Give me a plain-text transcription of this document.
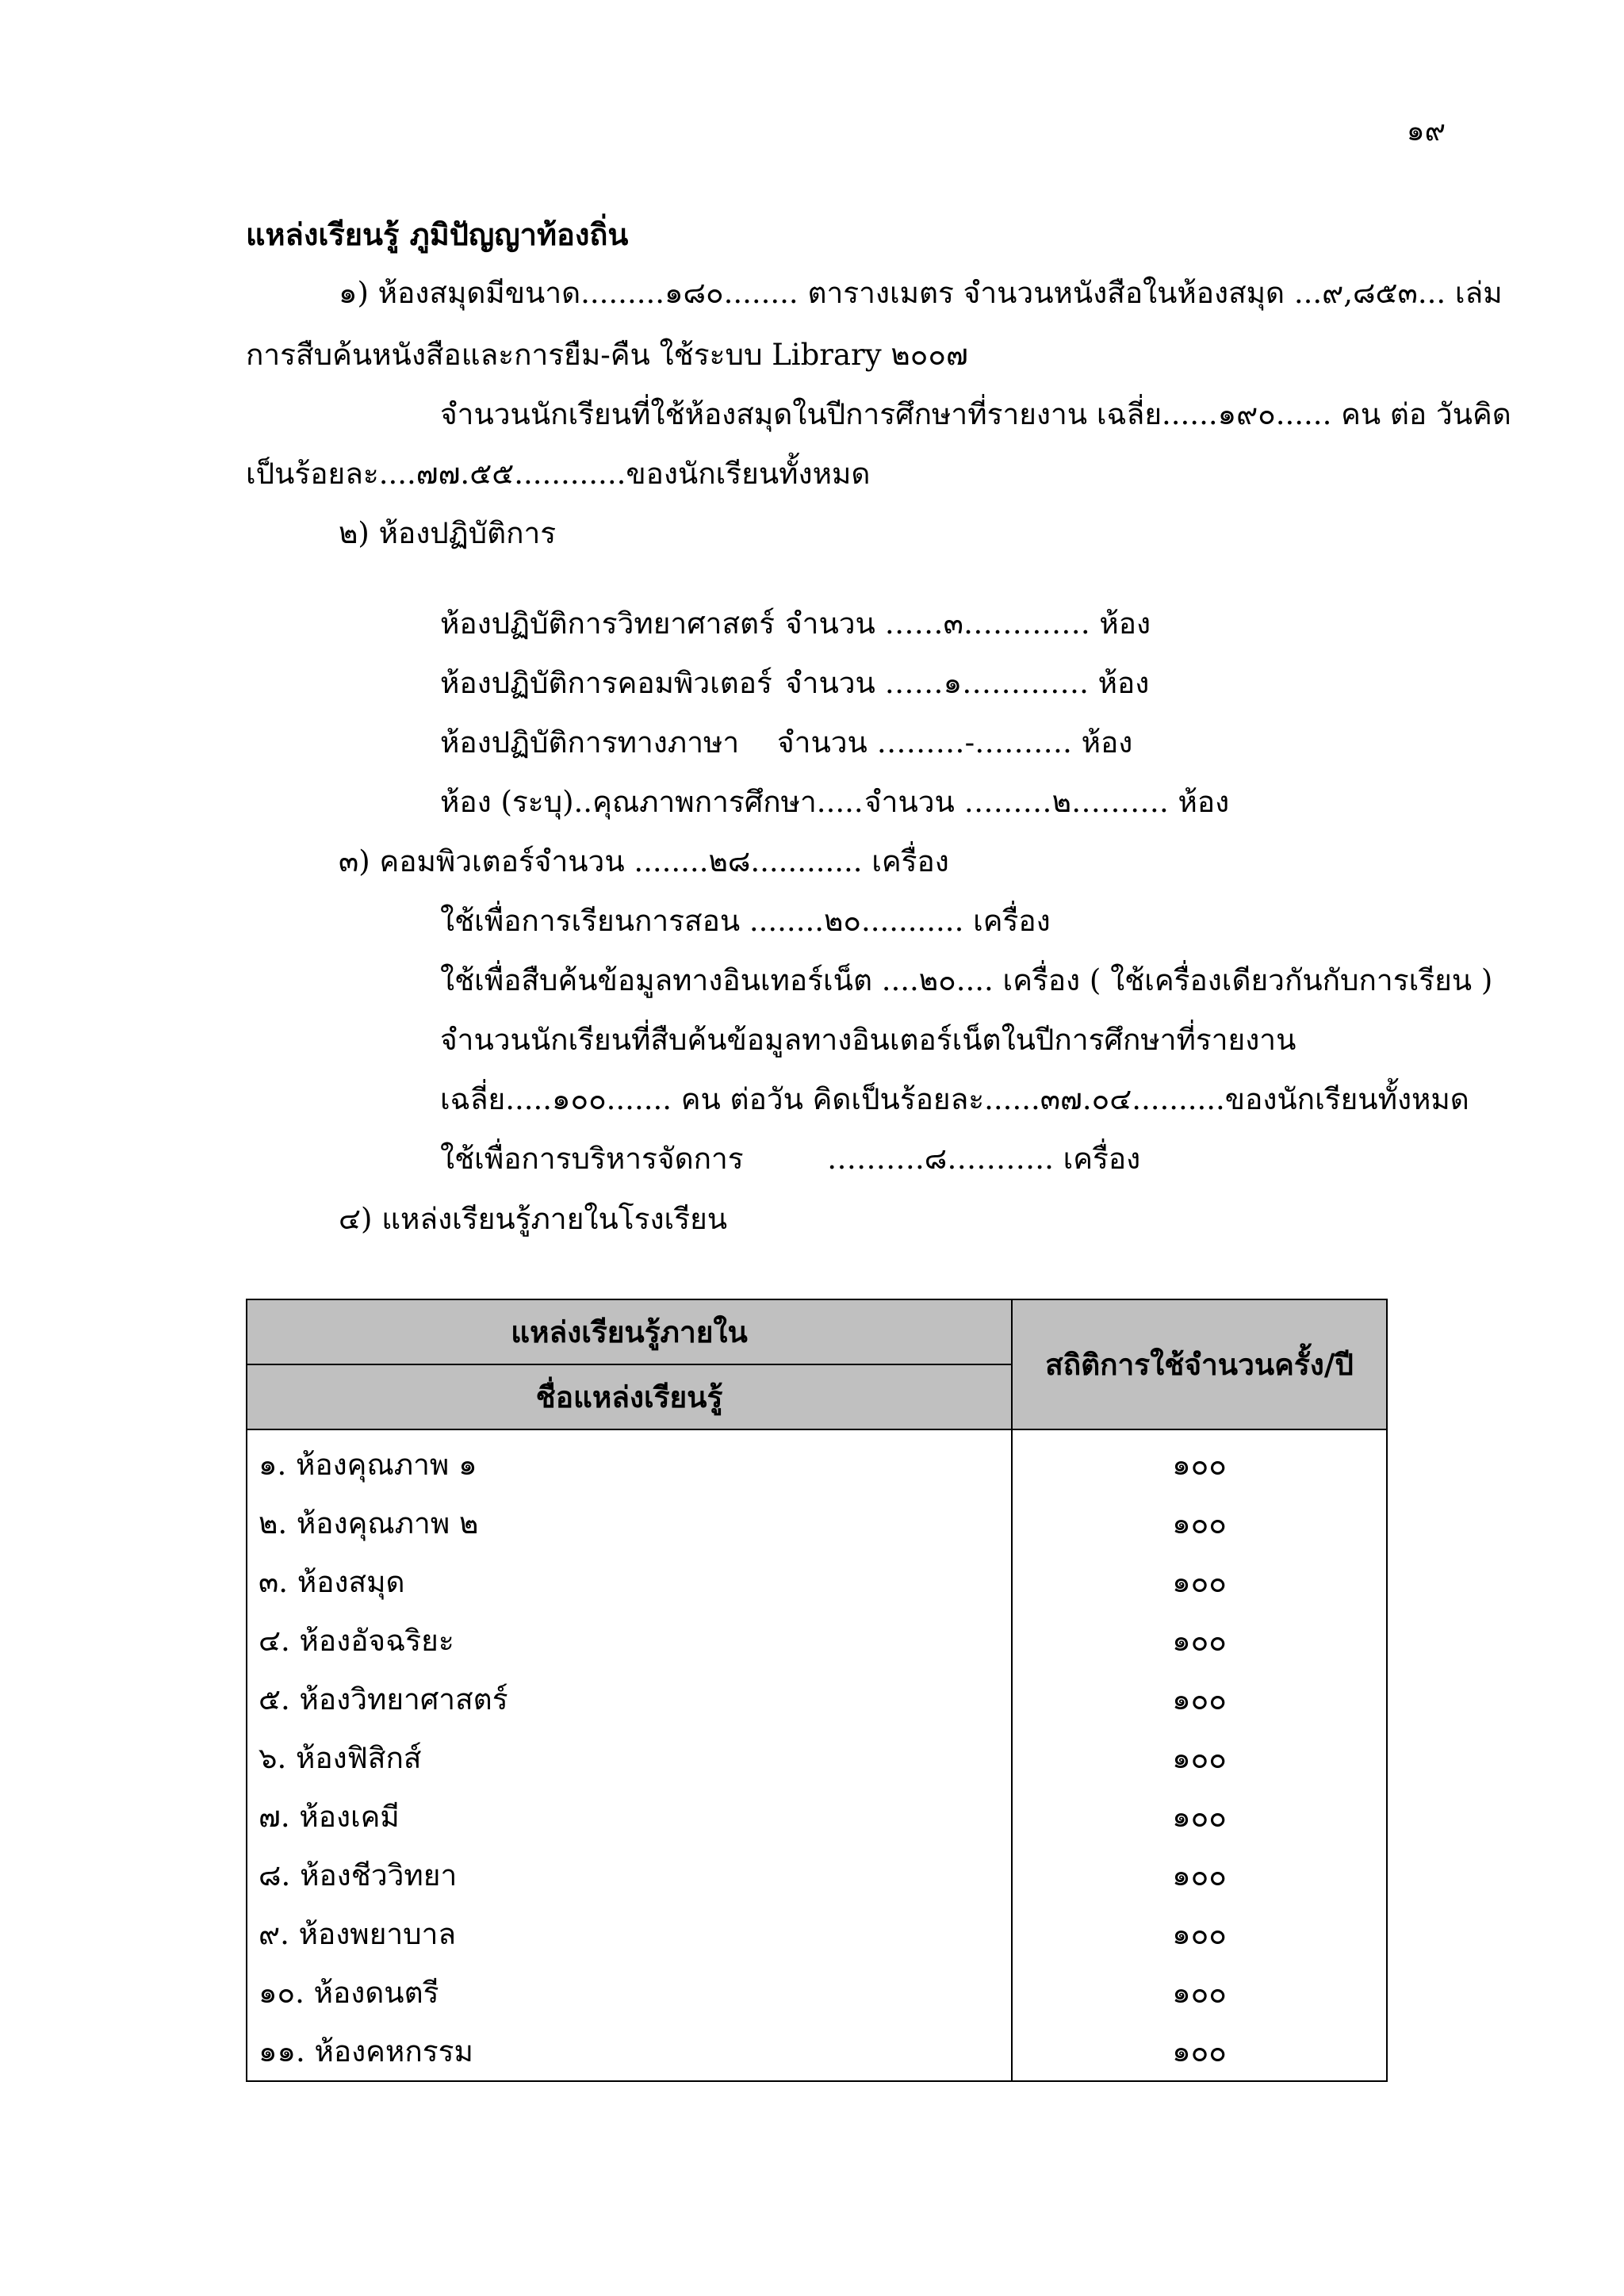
๑๙
แหล่งเรียนรู้ ภูมิปัญญาท้องถิ่น
๑) ห้องสมุดมีขนาด.........๑๘๐........ ตารางเมตร จำนวนหนังสือในห้องสมุด ...๙,๘๕๓... เล่ม
การสืบค้นหนังสือและการยืม-คืน ใช้ระบบ Library ๒๐๐๗
จำนวนนักเรียนที่ใช้ห้องสมุดในปีการศึกษาที่รายงาน เฉลี่ย......๑๙๐...... คน ต่อ วันคิด
เป็นร้อยละ....๗๗.๕๕............ของนักเรียนทั้งหมด
๒) ห้องปฏิบัติการ
ห้องปฏิบัติการวิทยาศาสตร์ จำนวน ……๓…………. ห้อง
ห้องปฏิบัติการคอมพิวเตอร์ จำนวน ……๑…………. ห้อง
ห้องปฏิบัติการทางภาษา จำนวน ………-………. ห้อง
ห้อง (ระบุ)..คุณภาพการศึกษา..... จำนวน ………๒………. ห้อง
๓) คอมพิวเตอร์จำนวน ........๒๘............ เครื่อง
ใช้เพื่อการเรียนการสอน ........๒๐........... เครื่อง
ใช้เพื่อสืบค้นข้อมูลทางอินเทอร์เน็ต ....๒๐.... เครื่อง ( ใช้เครื่องเดียวกันกับการเรียน )
จำนวนนักเรียนที่สืบค้นข้อมูลทางอินเตอร์เน็ตในปีการศึกษาที่รายงาน
เฉลี่ย.....๑๐๐....... คน ต่อวัน คิดเป็นร้อยละ......๓๗.๐๔..........ของนักเรียนทั้งหมด
ใช้เพื่อการบริหารจัดการ	……….๘……….. เครื่อง
๔) แหล่งเรียนรู้ภายในโรงเรียน
แหล่งเรียนรู้ภายใน	สถิติการใช้จำนวนครั้ง/ปี
ชื่อแหล่งเรียนรู้	
๑. ห้องคุณภาพ ๑	๑๐๐
๒. ห้องคุณภาพ ๒	๑๐๐
๓. ห้องสมุด	๑๐๐
๔. ห้องอัจฉริยะ	๑๐๐
๕. ห้องวิทยาศาสตร์	๑๐๐
๖. ห้องฟิสิกส์	๑๐๐
๗. ห้องเคมี	๑๐๐
๘. ห้องชีววิทยา	๑๐๐
๙. ห้องพยาบาล	๑๐๐
๑๐. ห้องดนตรี	๑๐๐
๑๑. ห้องคหกรรม	๑๐๐
